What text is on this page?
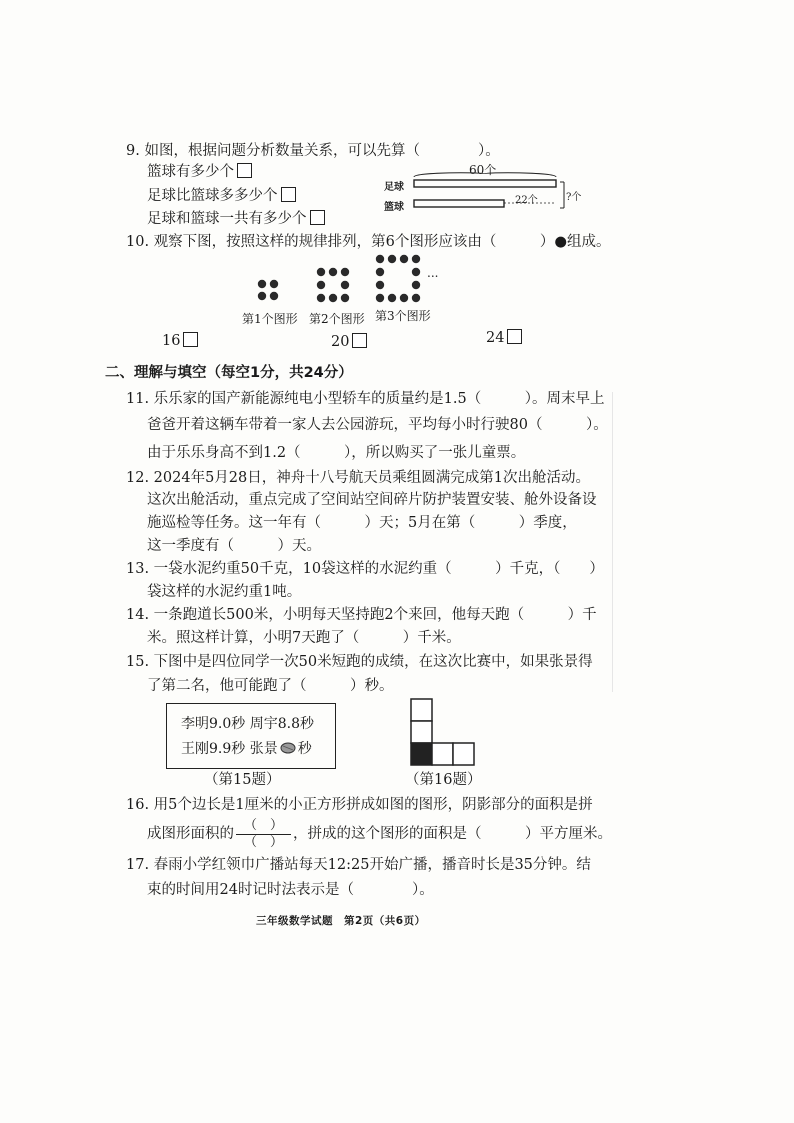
9. 如图，根据问题分析数量关系，可以先算（　　　　）。
篮球有多少个
足球比篮球多多少个
足球和篮球一共有多少个
60个
足球
篮球
22个	?个
10. 观察下图，按照这样的规律排列，第6个图形应该由（　　　）●组成。
...
第1个图形 第2个图形 第3个图形
16	20	24
二、理解与填空（每空1分，共24分）
11. 乐乐家的国产新能源纯电小型轿车的质量约是1.5（　　　）。周末早上
爸爸开着这辆车带着一家人去公园游玩，平均每小时行驶80（　　　）。
由于乐乐身高不到1.2（　　　），所以购买了一张儿童票。
12. 2024年5月28日，神舟十八号航天员乘组圆满完成第1次出舱活动。
这次出舱活动，重点完成了空间站空间碎片防护装置安装、舱外设备设
施巡检等任务。这一年有（　　　）天；5月在第（　　　）季度，
这一季度有（　　　）天。
13. 一袋水泥约重50千克，10袋这样的水泥约重（　　　）千克，（　　）
袋这样的水泥约重1吨。
14. 一条跑道长500米，小明每天坚持跑2个来回，他每天跑（　　　）千
米。照这样计算，小明7天跑了（　　　）千米。
15. 下图中是四位同学一次50米短跑的成绩，在这次比赛中，如果张景得
了第二名，他可能跑了（　　　）秒。
李明9.0秒 周宇8.8秒
王刚9.9秒 张景 秒
（第15题）	（第16题）
16. 用5个边长是1厘米的小正方形拼成如图的图形，阴影部分的面积是拼
成图形面积的 $\frac{( )}{( )}$ ，拼成的这个图形的面积是（　　　）平方厘米。
17. 春雨小学红领巾广播站每天12:25开始广播，播音时长是35分钟。结
束的时间用24时记时法表示是（　　　　）。
三年级数学试题　第2页（共6页）
